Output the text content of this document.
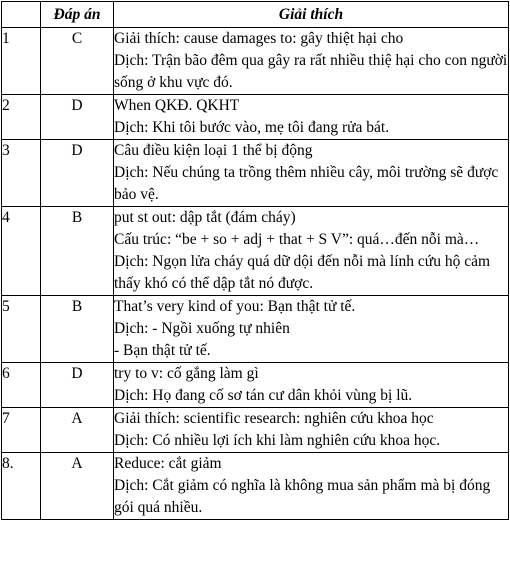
	Đáp án	Giải thích
1	C	Giải thích: cause damages to: gây thiệt hại cho
Dịch: Trận bão đêm qua gây ra rất nhiều thiệ hại cho con người sống ở khu vực đó.

2	D	When QKĐ. QKHT
Dịch: Khi tôi bước vào, mẹ tôi đang rửa bát.

3	D	Câu điều kiện loại 1 thể bị động
Dịch: Nếu chúng ta trồng thêm nhiều cây, môi trường sẽ được bảo vệ.

4	B	put st out: dập tắt (đám cháy)
Cấu trúc: “be + so + adj + that + S V”: quá…đến nỗi mà…
Dịch: Ngọn lửa cháy quá dữ dội đến nỗi mà lính cứu hộ cảm thấy khó có thể dập tắt nó được.

5	B	That’s very kind of you: Bạn thật tử tế.
Dịch: - Ngồi xuống tự nhiên
- Bạn thật tử tế.

6	D	try to v: cố gắng làm gì
Dịch: Họ đang cố sơ tán cư dân khỏi vùng bị lũ.

7	A	Giải thích: scientific research: nghiên cứu khoa học
Dịch: Có nhiều lợi ích khi làm nghiên cứu khoa học.

8.	A	Reduce: cắt giảm
Dịch: Cắt giảm có nghĩa là không mua sản phẩm mà bị đóng gói quá nhiều.
